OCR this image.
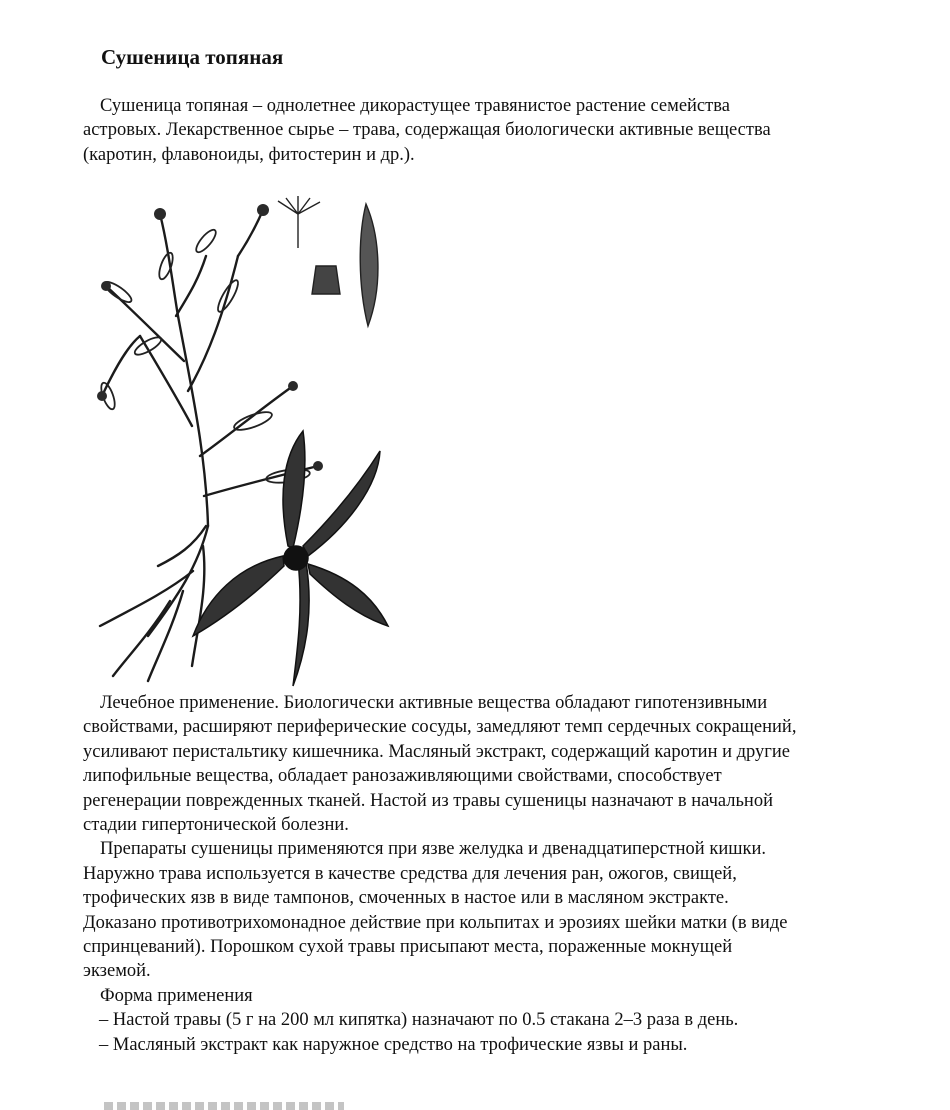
Сушеница топяная

Сушеница топяная – однолетнее дикорастущее травянистое растение семейства

астровых. Лекарственное сырье – трава, содержащая биологически активные вещества

(каротин, флавоноиды, фитостерин и др.).

Лечебное применение. Биологически активные вещества обладают гипотензивными

свойствами, расширяют периферические сосуды, замедляют темп сердечных сокращений,

усиливают перистальтику кишечника. Масляный экстракт, содержащий каротин и другие

липофильные вещества, обладает ранозаживляющими свойствами, способствует

регенерации поврежденных тканей. Настой из травы сушеницы назначают в начальной

стадии гипертонической болезни.

Препараты сушеницы применяются при язве желудка и двенадцатиперстной кишки.

Наружно трава используется в качестве средства для лечения ран, ожогов, свищей,

трофических язв в виде тампонов, смоченных в настое или в масляном экстракте.

Доказано противотрихомонадное действие при кольпитах и эрозиях шейки матки (в виде

спринцеваний). Порошком сухой травы присыпают места, пораженные мокнущей

экземой.

Форма применения

– Настой травы (5 г на 200 мл кипятка) назначают по 0.5 стакана 2–3 раза в день.

– Масляный экстракт как наружное средство на трофические язвы и раны.
